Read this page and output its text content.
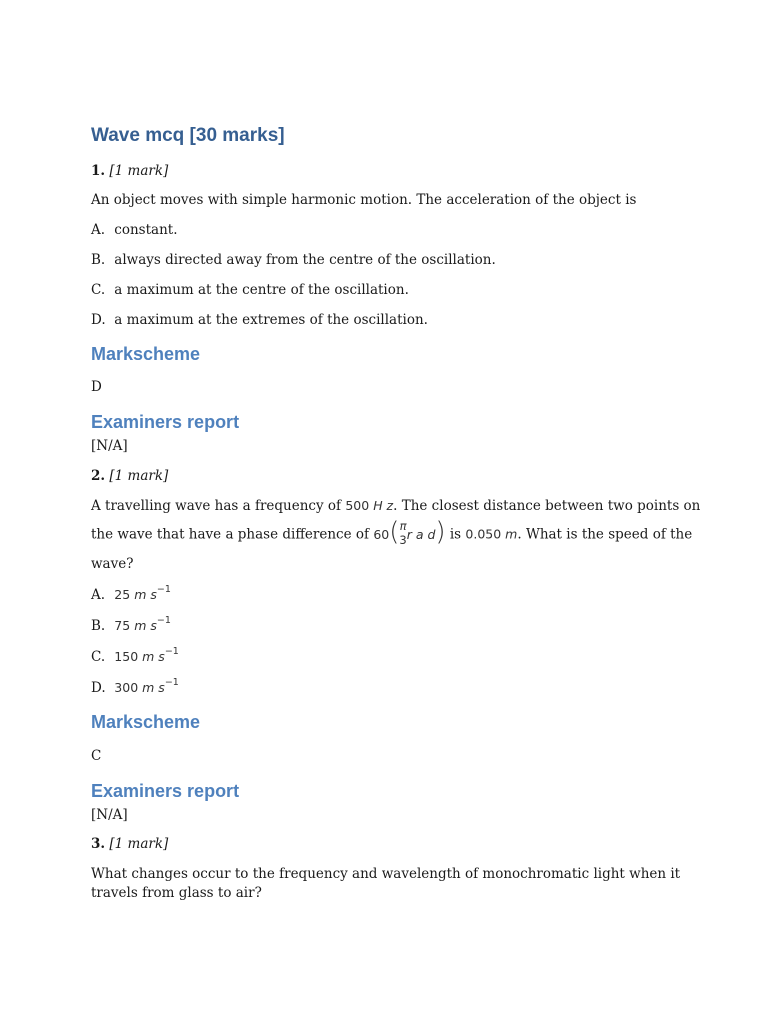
Wave mcq [30 marks]
1. [1 mark]
An object moves with simple harmonic motion. The acceleration of the object is
A. constant.
B. always directed away from the centre of the oscillation.
C. a maximum at the centre of the oscillation.
D. a maximum at the extremes of the oscillation.
Markscheme
D
Examiners report
[N/A]
2. [1 mark]
A travelling wave has a frequency of 500 H z. The closest distance between two points on
the wave that have a phase difference of 60( π
3 r a d) is 0.050 m. What is the speed of the
wave?
A. 25 m $s^{-1}$
B. 75 m $s^{-1}$
C. 150 m $s^{-1}$
D. 300 m $s^{-1}$
Markscheme
C
Examiners report
[N/A]
3. [1 mark]
What changes occur to the frequency and wavelength of monochromatic light when it
travels from glass to air?
